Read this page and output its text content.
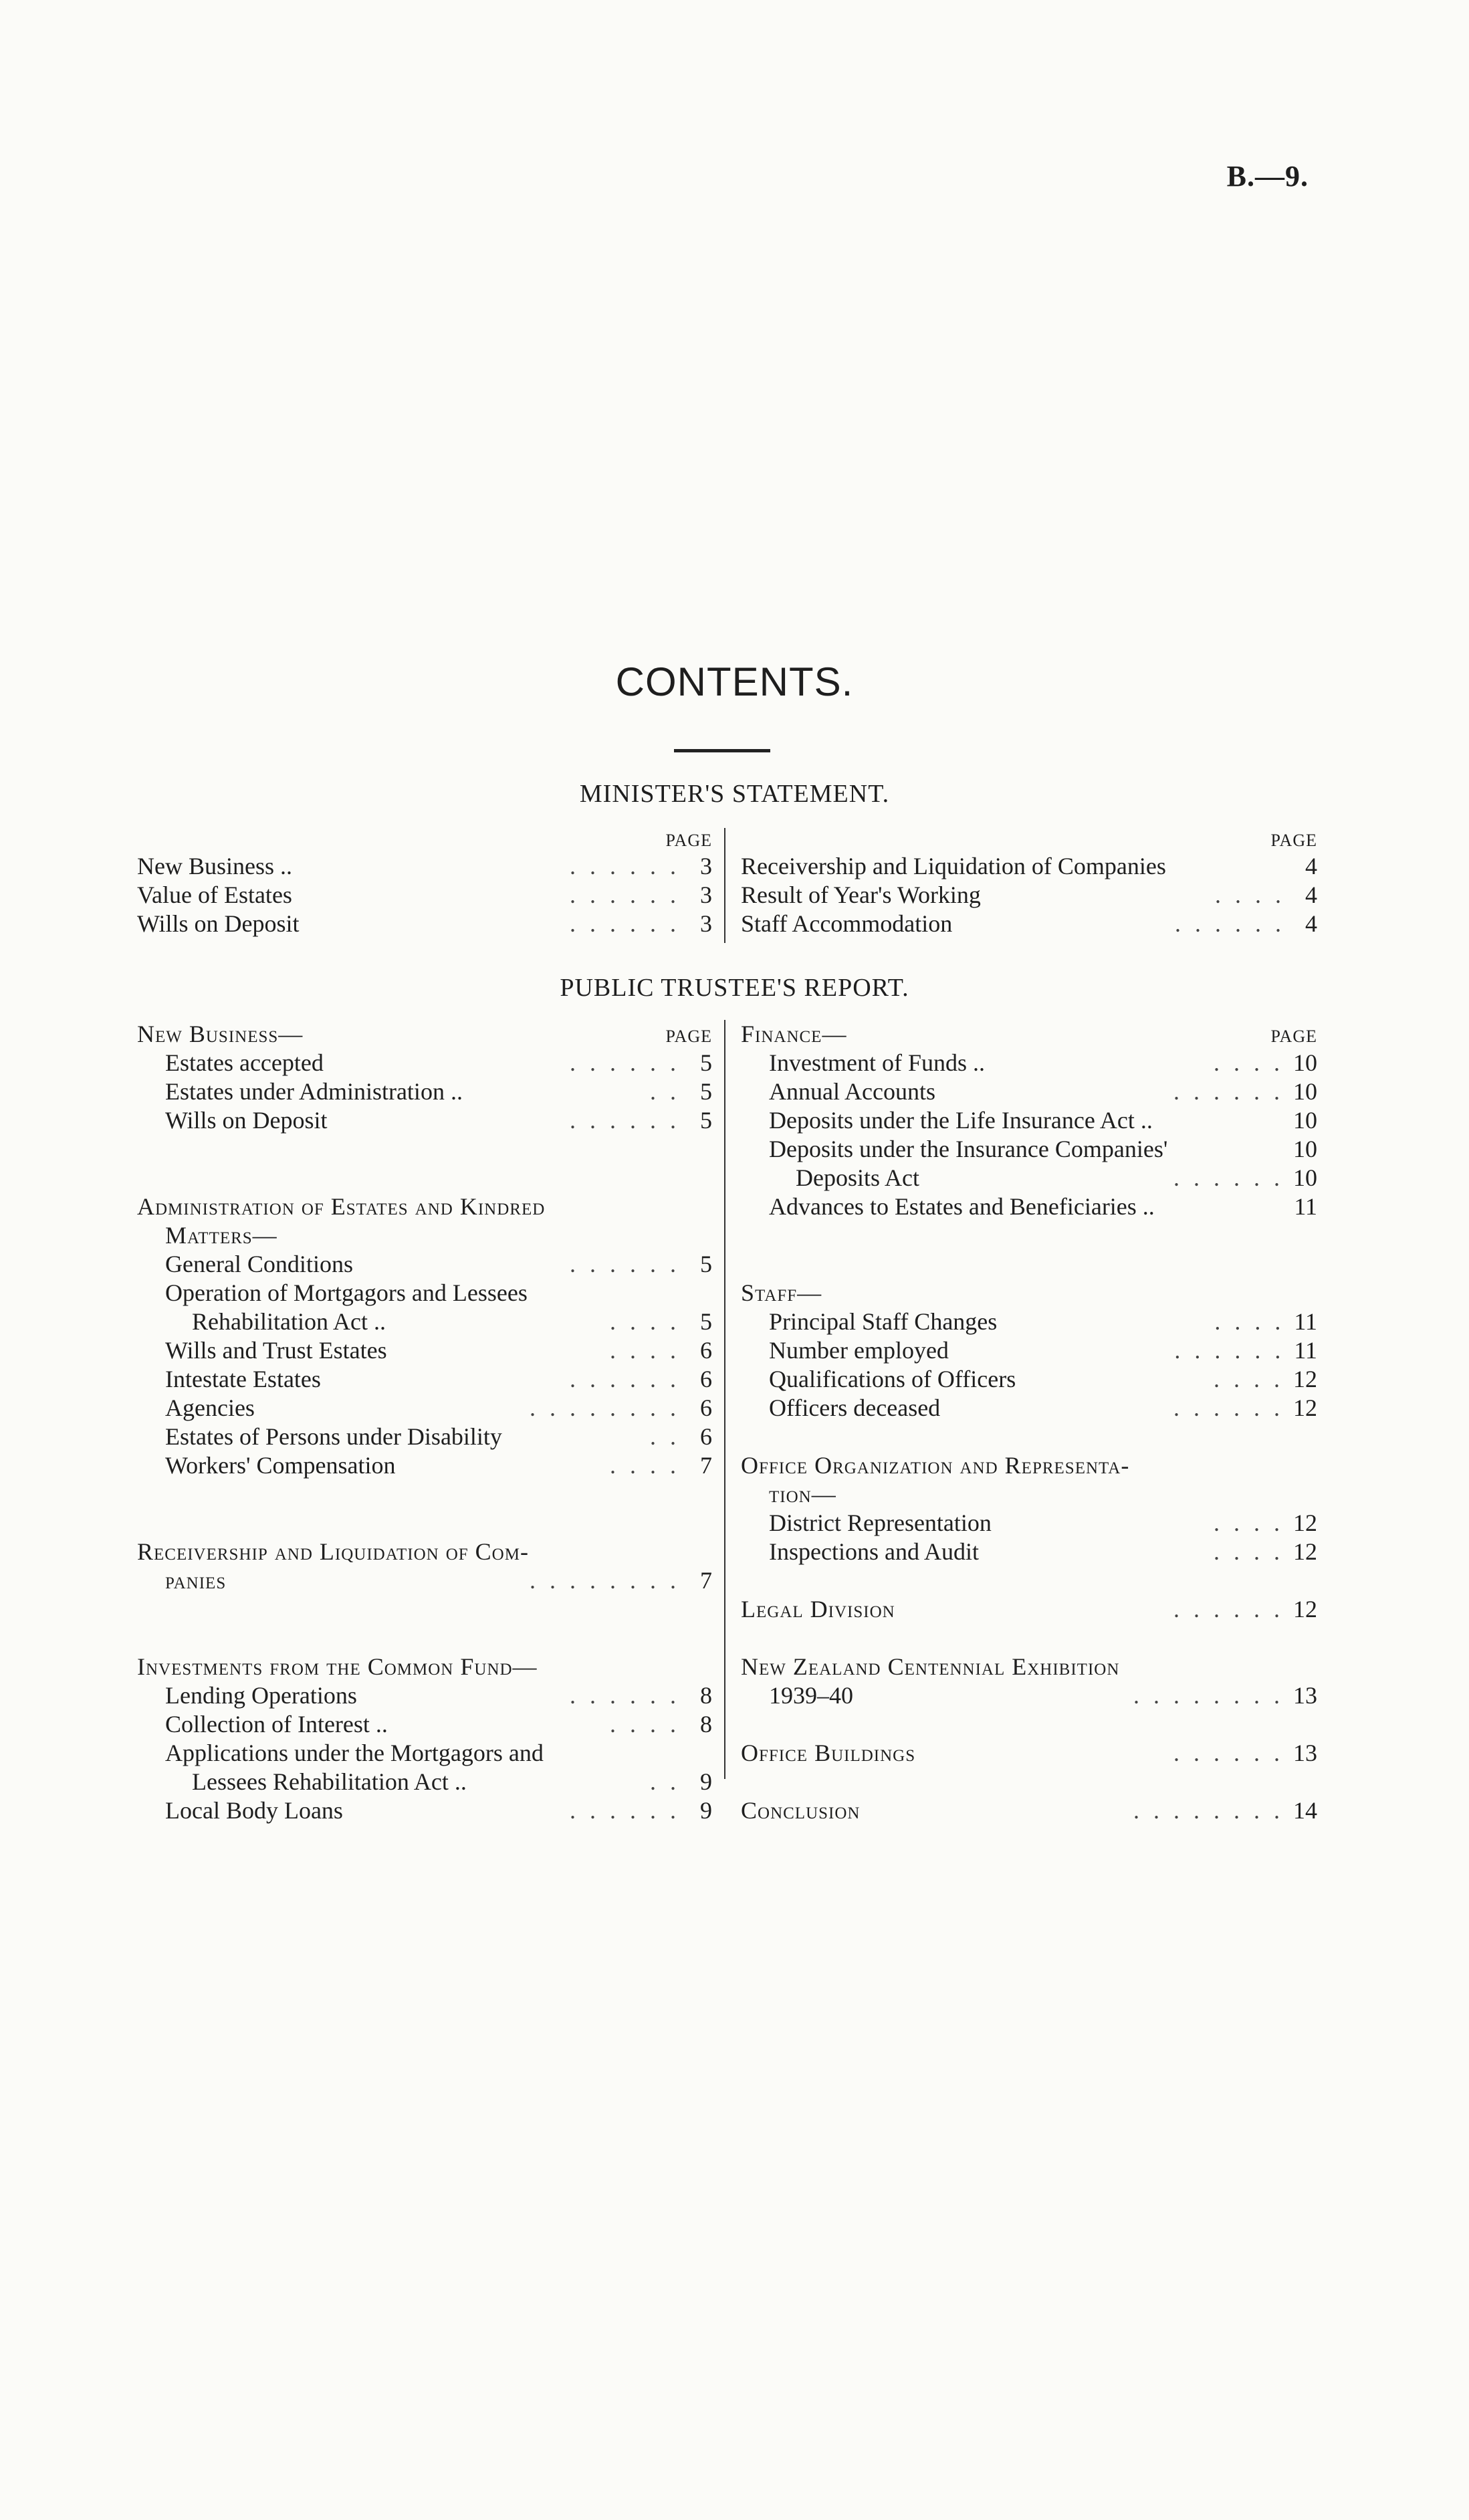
B.—9.
CONTENTS.
MINISTER'S STATEMENT.
PAGE
New Business ..	. . . . . . 3
Value of Estates	. . . . . . 3
Wills on Deposit	. . . . . . 3
PAGE
Receivership and Liquidation of Companies	4
Result of Year's Working	. . . . 4
Staff Accommodation	. . . . . . 4
PUBLIC TRUSTEE'S REPORT.
New Business—	PAGE
Estates accepted	. . . . . . 5
Estates under Administration ..	. . 5
Wills on Deposit	. . . . . . 5
Administration of Estates and Kindred
Matters—
General Conditions	. . . . . . 5
Operation of Mortgagors and Lessees
Rehabilitation Act ..	. . . . 5
Wills and Trust Estates	. . . . 6
Intestate Estates	. . . . . . 6
Agencies	. . . . . . . . 6
Estates of Persons under Disability	. . 6
Workers' Compensation	. . . . 7
Receivership and Liquidation of Com-
panies	. . . . . . . . 7
Investments from the Common Fund—
Lending Operations	. . . . . . 8
Collection of Interest ..	. . . . 8
Applications under the Mortgagors and
Lessees Rehabilitation Act ..	. . 9
Local Body Loans	. . . . . . 9
Finance—	PAGE
Investment of Funds ..	. . . . 10
Annual Accounts	. . . . . . 10
Deposits under the Life Insurance Act ..	10
Deposits under the Insurance Companies'	10
Deposits Act	. . . . . . 10
Advances to Estates and Beneficiaries ..	11
Staff—
Principal Staff Changes	. . . . 11
Number employed	. . . . . . 11
Qualifications of Officers	. . . . 12
Officers deceased	. . . . . . 12
Office Organization and Representa-
tion—
District Representation	. . . . 12
Inspections and Audit	. . . . 12
Legal Division	. . . . . . 12
New Zealand Centennial Exhibition
1939–40	. . . . . . . . 13
Office Buildings	. . . . . . 13
Conclusion	. . . . . . . . 14
